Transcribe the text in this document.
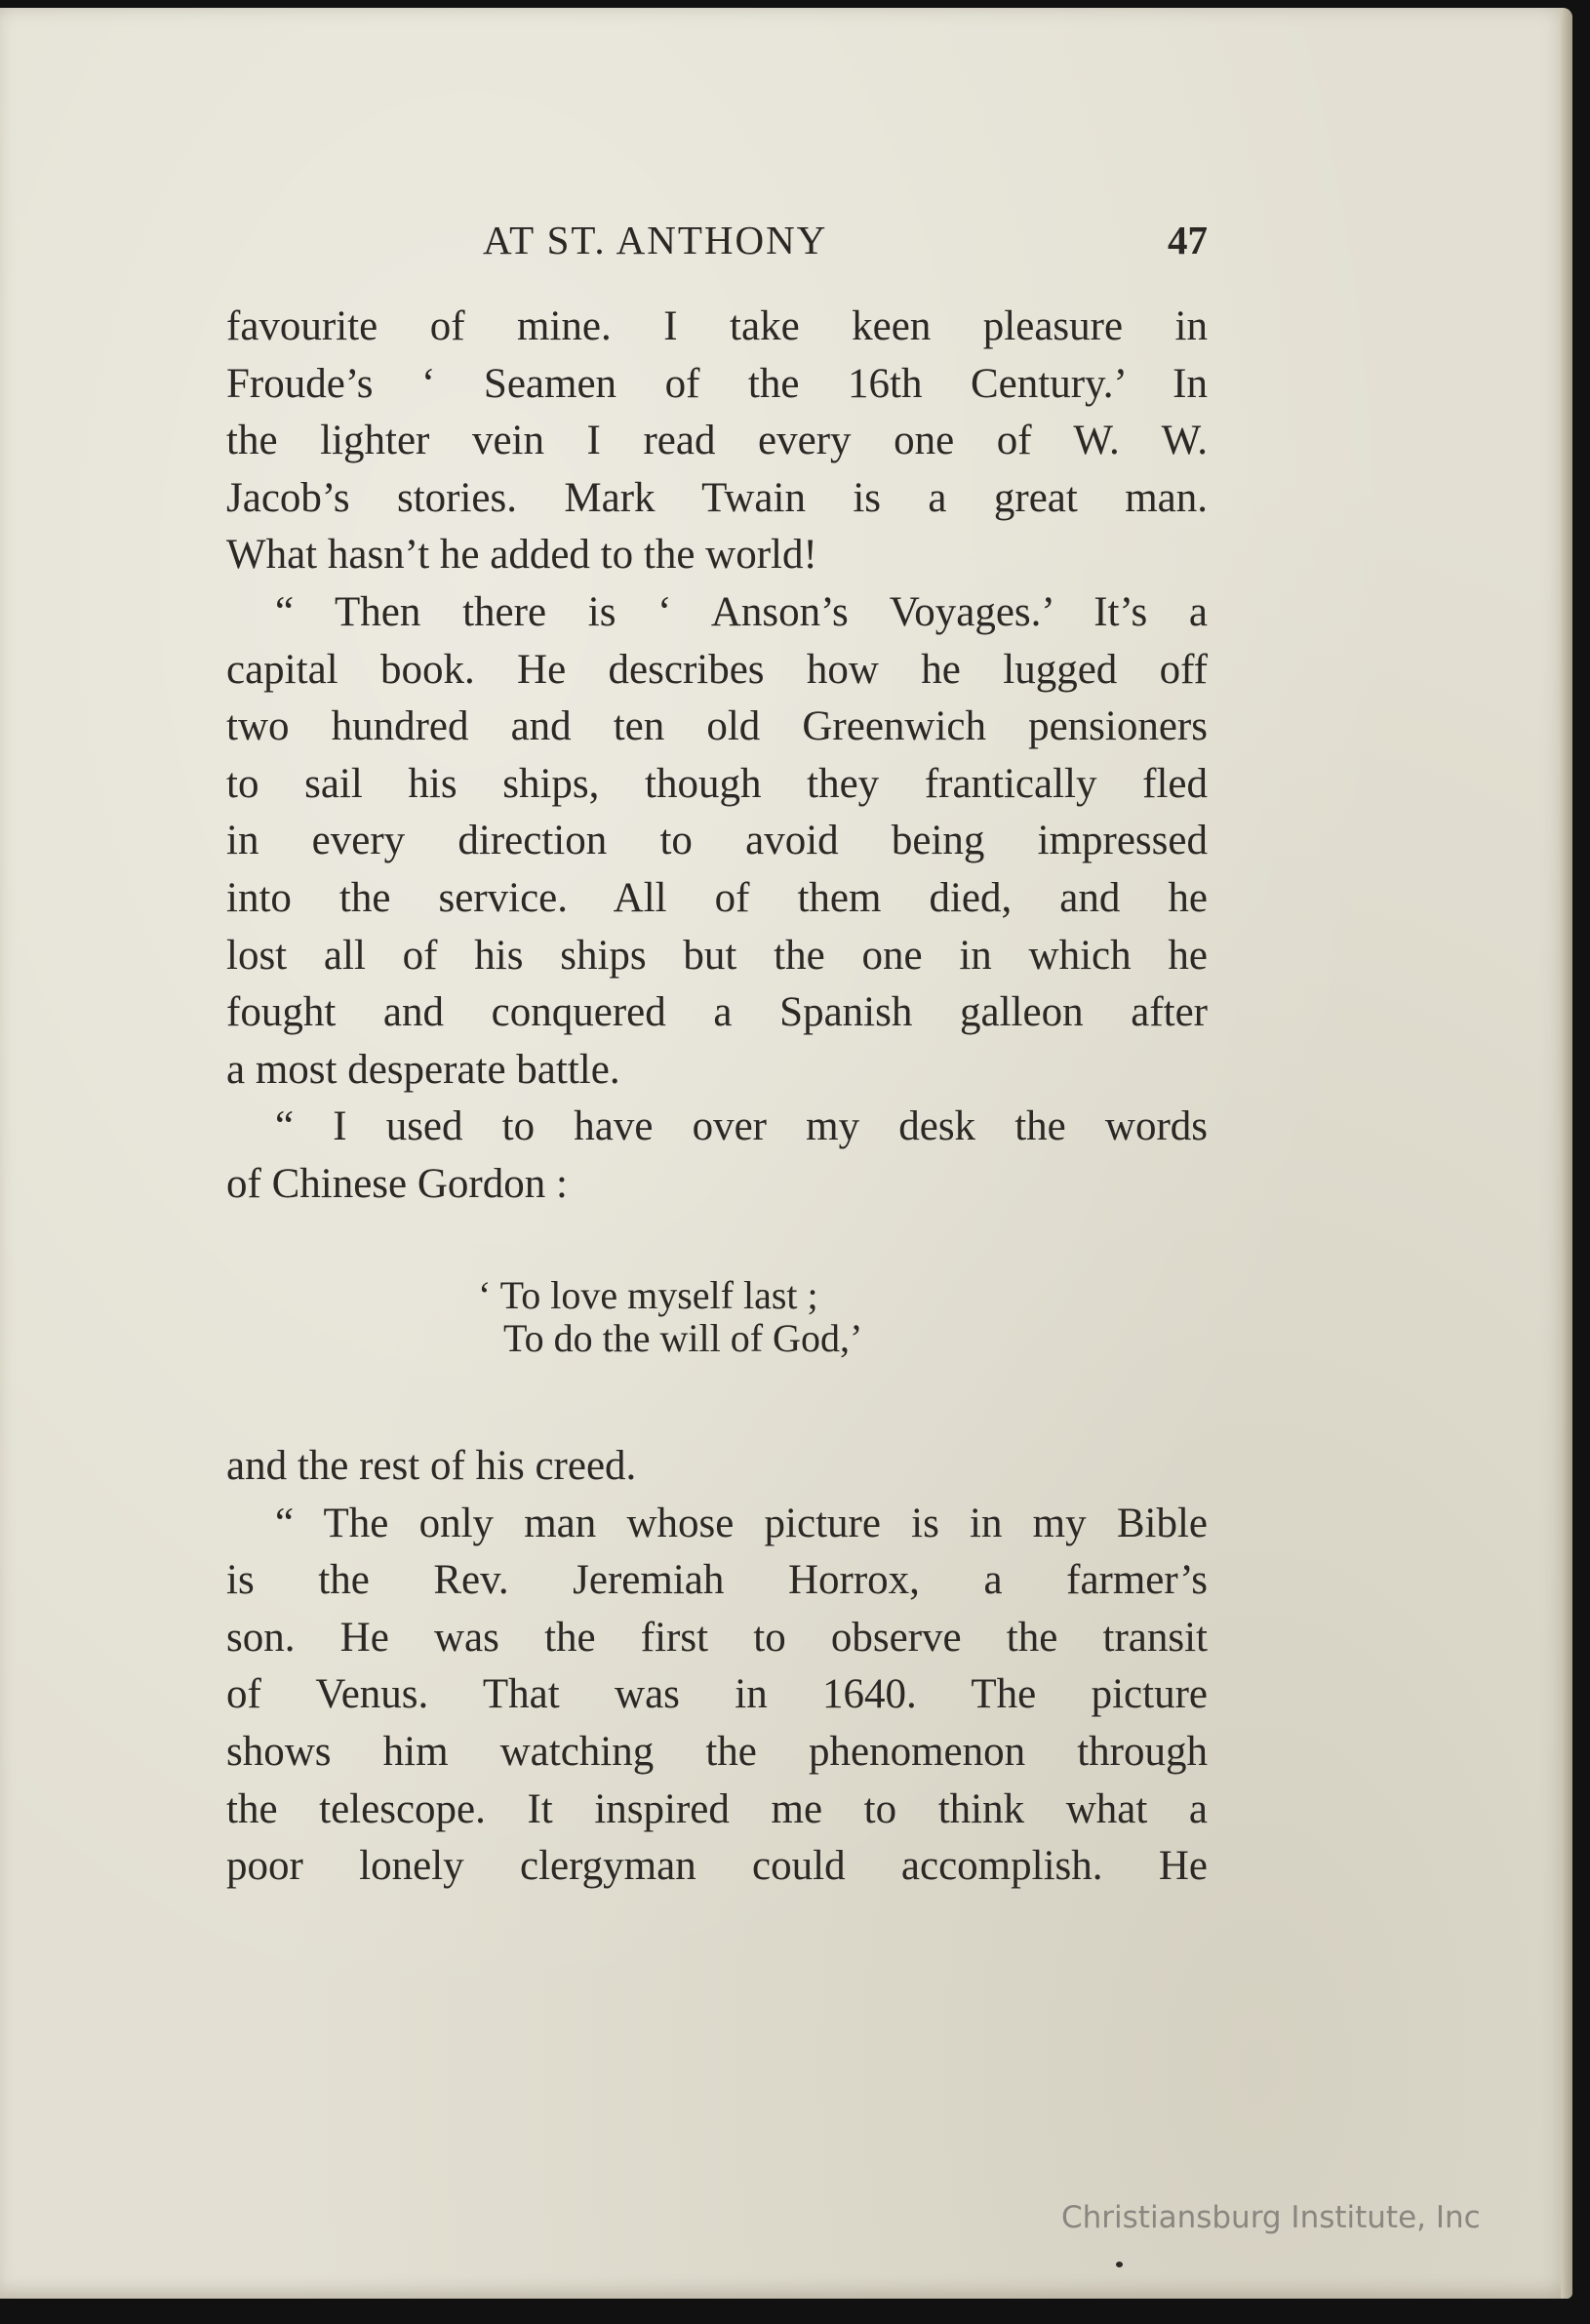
AT ST. ANTHONY	47
favourite of mine. I take keen pleasure in
Froude’s ‘ Seamen of the 16th Century.’ In
the lighter vein I read every one of W. W.
Jacob’s stories. Mark Twain is a great man.
What hasn’t he added to the world!
“ Then there is ‘ Anson’s Voyages.’ It’s a
capital book. He describes how he lugged off
two hundred and ten old Greenwich pensioners
to sail his ships, though they frantically fled
in every direction to avoid being impressed
into the service. All of them died, and he
lost all of his ships but the one in which he
fought and conquered a Spanish galleon after
a most desperate battle.
“ I used to have over my desk the words
of Chinese Gordon :
‘ To love myself last ;
To do the will of God,’
and the rest of his creed.
“ The only man whose picture is in my Bible
is the Rev. Jeremiah Horrox, a farmer’s
son. He was the first to observe the transit
of Venus. That was in 1640. The picture
shows him watching the phenomenon through
the telescope. It inspired me to think what a
poor lonely clergyman could accomplish. He
Christiansburg Institute, Inc
